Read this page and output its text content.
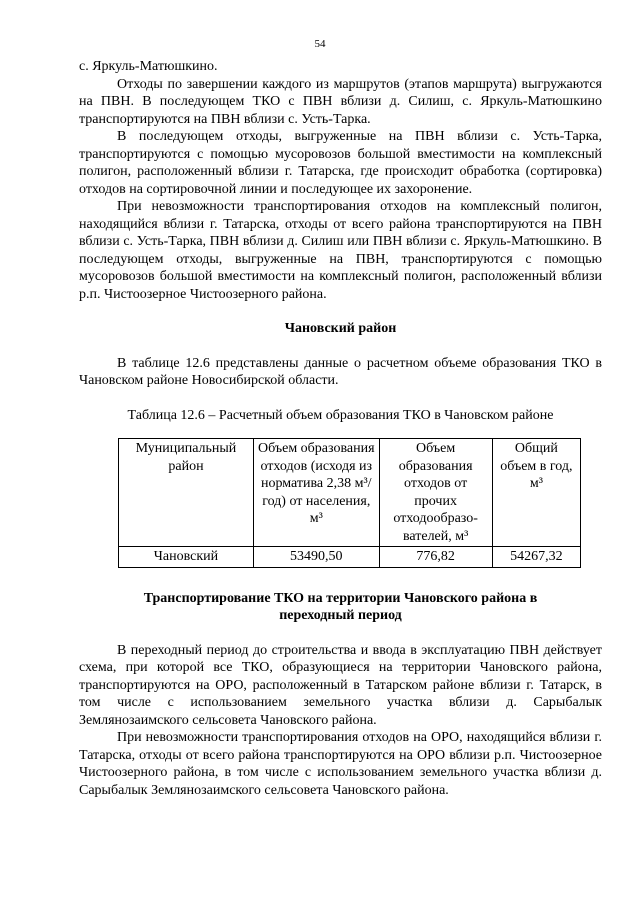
54

с. Яркуль-Матюшкино.

Отходы по завершении каждого из маршрутов (этапов маршрута) выгружаются на ПВН. В последующем ТКО с ПВН вблизи д. Силиш, с. Яркуль-Матюшкино транспортируются на ПВН вблизи с. Усть-Тарка.

В последующем отходы, выгруженные на ПВН вблизи с. Усть-Тарка, транспортируются с помощью мусоровозов большой вместимости на комплексный полигон, расположенный вблизи г. Татарска, где происходит обработка (сортировка) отходов на сортировочной линии и последующее их захоронение.

При невозможности транспортирования отходов на комплексный полигон, находящийся вблизи г. Татарска, отходы от всего района транспортируются на ПВН вблизи с. Усть-Тарка, ПВН вблизи д. Силиш или ПВН вблизи с. Яркуль-Матюшкино. В последующем отходы, выгруженные на ПВН, транспортируются с помощью мусоровозов большой вместимости на комплексный полигон, расположенный вблизи р.п. Чистоозерное Чистоозерного района.

Чановский район

В таблице 12.6 представлены данные о расчетном объеме образования ТКО в Чановском районе Новосибирской области.

Таблица 12.6 – Расчетный объем образования ТКО в Чановском районе
Муниципальный район	Объем образования отходов (исходя из норматива 2,38 м³/год) от населения, м³	Объем образования отходов от прочих отходообразо-вателей, м³	Общий объем в год, м³
Чановский	53490,50	776,82	54267,32
Транспортирование ТКО на территории Чановского района в переходный период

В переходный период до строительства и ввода в эксплуатацию ПВН действует схема, при которой все ТКО, образующиеся на территории Чановского района, транспортируются на ОРО, расположенный в Татарском районе вблизи г. Татарск, в том числе с использованием земельного участка вблизи д. Сарыбалык Землянозаимского сельсовета Чановского района.

При невозможности транспортирования отходов на ОРО, находящийся вблизи г. Татарска, отходы от всего района транспортируются на ОРО вблизи р.п. Чистоозерное Чистоозерного района, в том числе с использованием земельного участка вблизи д. Сарыбалык Землянозаимского сельсовета Чановского района.
